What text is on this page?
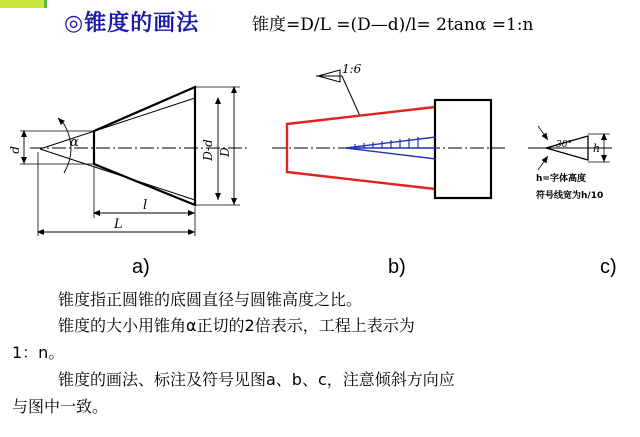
◎锥度的画法	锥度=D/L =(D—d)/l= 2tanα =1:n
d	α	D-d D
l
L
1:6
h
30°
h=字体高度
符号线宽为h/10
a)	b)	c)
锥度指正圆锥的底圆直径与圆锥高度之比。
锥度的大小用锥角α正切的2倍表示，工程上表示为
1：n。
锥度的画法、标注及符号见图a、b、c，注意倾斜方向应
与图中一致。
